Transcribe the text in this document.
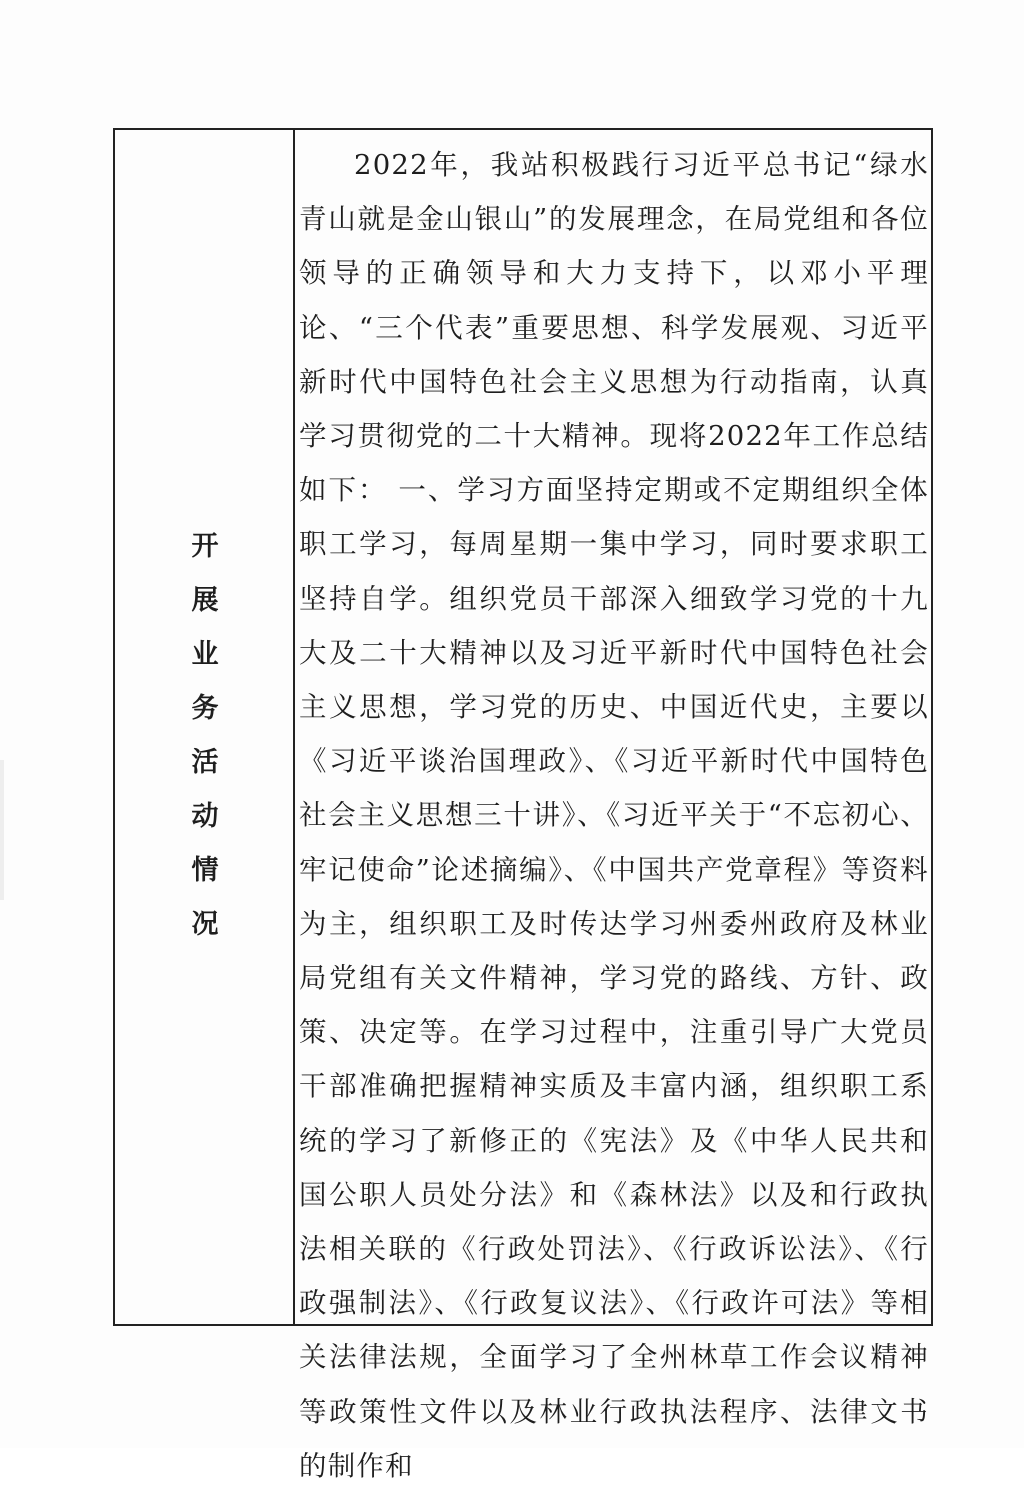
开
展
业
务
活
动
情
况

2022年，我站积极践行习近平总书记“绿水青山就是金山银山”的发展理念，在局党组和各位领导的正确领导和大力支持下，以邓小平理论、“三个代表”重要思想、科学发展观、习近平新时代中国特色社会主义思想为行动指南，认真学习贯彻党的二十大精神。现将2022年工作总结如下： 一、学习方面坚持定期或不定期组织全体职工学习，每周星期一集中学习，同时要求职工坚持自学。组织党员干部深入细致学习党的十九大及二十大精神以及习近平新时代中国特色社会主义思想，学习党的历史、中国近代史，主要以《习近平谈治国理政》、《习近平新时代中国特色社会主义思想三十讲》、《习近平关于“不忘初心、牢记使命”论述摘编》、《中国共产党章程》等资料为主，组织职工及时传达学习州委州政府及林业局党组有关文件精神，学习党的路线、方针、政策、决定等。在学习过程中，注重引导广大党员干部准确把握精神实质及丰富内涵，组织职工系统的学习了新修正的《宪法》及《中华人民共和国公职人员处分法》和《森林法》以及和行政执法相关联的《行政处罚法》、《行政诉讼法》、《行政强制法》、《行政复议法》、《行政许可法》等相关法律法规，全面学习了全州林草工作会议精神等政策性文件以及林业行政执法程序、法律文书的制作和
